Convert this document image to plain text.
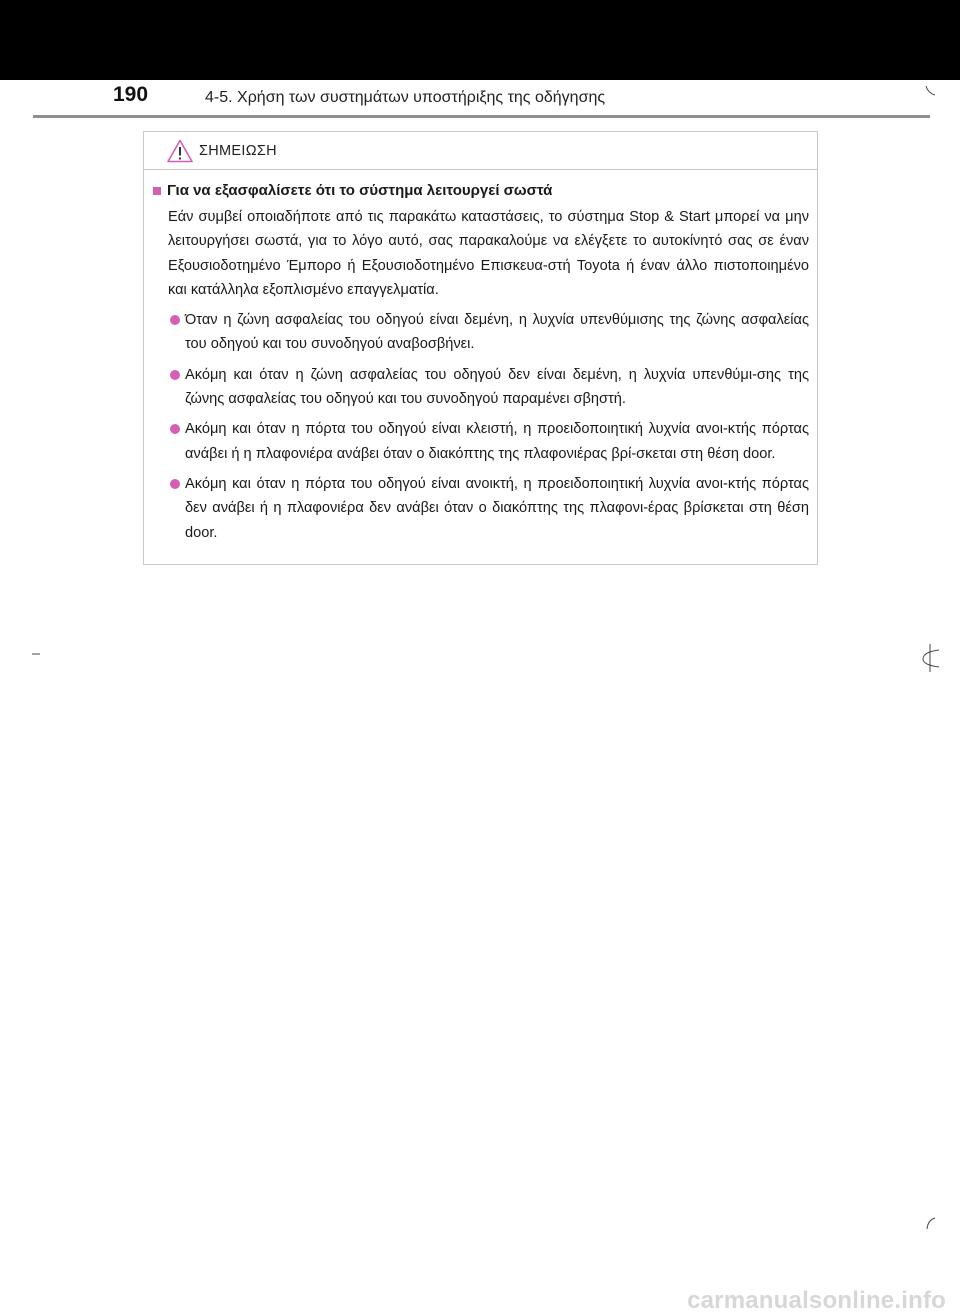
190	4-5. Χρήση των συστημάτων υποστήριξης της οδήγησης
ΣΗΜΕΙΩΣΗ
Για να εξασφαλίσετε ότι το σύστημα λειτουργεί σωστά
Εάν συμβεί οποιαδήποτε από τις παρακάτω καταστάσεις, το σύστημα Stop & Start μπορεί να μην λειτουργήσει σωστά, για το λόγο αυτό, σας παρακαλούμε να ελέγξετε το αυτοκίνητό σας σε έναν Εξουσιοδοτημένο Έμπορο ή Εξουσιοδοτημένο Επισκευα-στή Toyota ή έναν άλλο πιστοποιημένο και κατάλληλα εξοπλισμένο επαγγελματία.
Όταν η ζώνη ασφαλείας του οδηγού είναι δεμένη, η λυχνία υπενθύμισης της ζώνης ασφαλείας του οδηγού και του συνοδηγού αναβοσβήνει.
Ακόμη και όταν η ζώνη ασφαλείας του οδηγού δεν είναι δεμένη, η λυχνία υπενθύμι-σης της ζώνης ασφαλείας του οδηγού και του συνοδηγού παραμένει σβηστή.
Ακόμη και όταν η πόρτα του οδηγού είναι κλειστή, η προειδοποιητική λυχνία ανοι-κτής πόρτας ανάβει ή η πλαφονιέρα ανάβει όταν ο διακόπτης της πλαφονιέρας βρί-σκεται στη θέση door.
Ακόμη και όταν η πόρτα του οδηγού είναι ανοικτή, η προειδοποιητική λυχνία ανοι-κτής πόρτας δεν ανάβει ή η πλαφονιέρα δεν ανάβει όταν ο διακόπτης της πλαφονι-έρας βρίσκεται στη θέση door.
carmanualsonline.info
